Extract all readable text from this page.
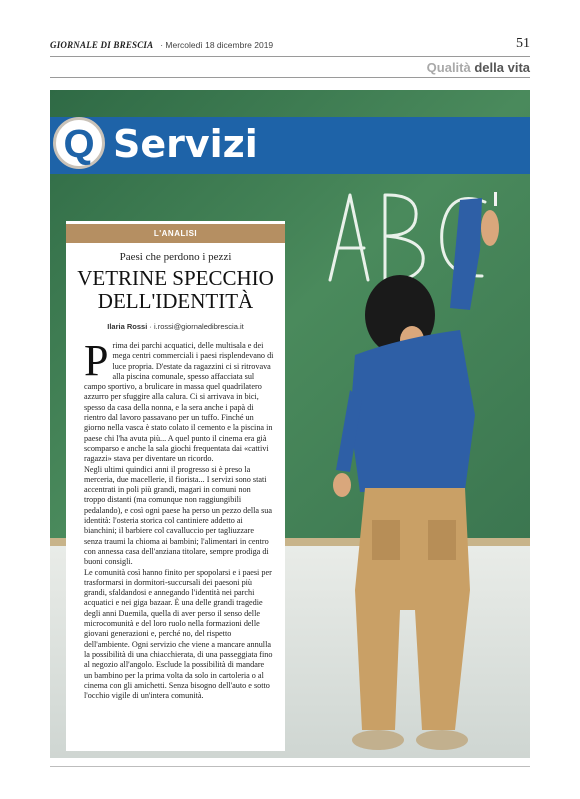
GIORNALE DI BRESCIA · Mercoledì 18 dicembre 2019	51
Qualità della vita
Q Servizi
L'ANALISI
Paesi che perdono i pezzi
VETRINE SPECCHIO DELL'IDENTITÀ
Ilaria Rossi · i.rossi@giornaledibrescia.it

Prima dei parchi acquatici, delle multisala e dei mega centri commerciali i paesi risplendevano di luce propria. D'estate da ragazzini ci si ritrovava alla piscina comunale, spesso affacciata sul campo sportivo, a brulicare in massa quel quadrilatero azzurro per sfuggire alla calura. Ci si arrivava in bici, spesso da casa della nonna, e la sera anche i papà di rientro dal lavoro passavano per un tuffo. Finché un giorno nella vasca è stato colato il cemento e la piscina in paese chi l'ha avuta più... A quel punto il cinema era già scomparso e anche la sala giochi frequentata dai «cattivi ragazzi» stava per diventare un ricordo.

Negli ultimi quindici anni il progresso si è preso la merceria, due macellerie, il fiorista... I servizi sono stati accentrati in poli più grandi, magari in comuni non troppo distanti (ma comunque non raggiungibili pedalando), e così ogni paese ha perso un pezzo della sua identità: l'osteria storica col cantiniere addetto ai bianchini; il barbiere col cavalluccio per tagliuzzare senza traumi la chioma ai bambini; l'alimentari in centro con annessa casa dell'anziana titolare, sempre prodiga di buoni consigli.

Le comunità così hanno finito per spopolarsi e i paesi per trasformarsi in dormitori-succursali dei paesoni più grandi, sfaldandosi e annegando l'identità nei parchi acquatici e nei giga bazaar. È una delle grandi tragedie degli anni Duemila, quella di aver perso il senso delle microcomunità e del loro ruolo nella formazioni delle giovani generazioni e, perché no, del rispetto dell'ambiente. Ogni servizio che viene a mancare annulla la possibilità di una chiacchierata, di una passeggiata fino al negozio all'angolo. Esclude la possibilità di mandare un bambino per la prima volta da solo in cartoleria o al cinema con gli amichetti. Senza bisogno dell'auto e sotto l'occhio vigile di un'intera comunità.
